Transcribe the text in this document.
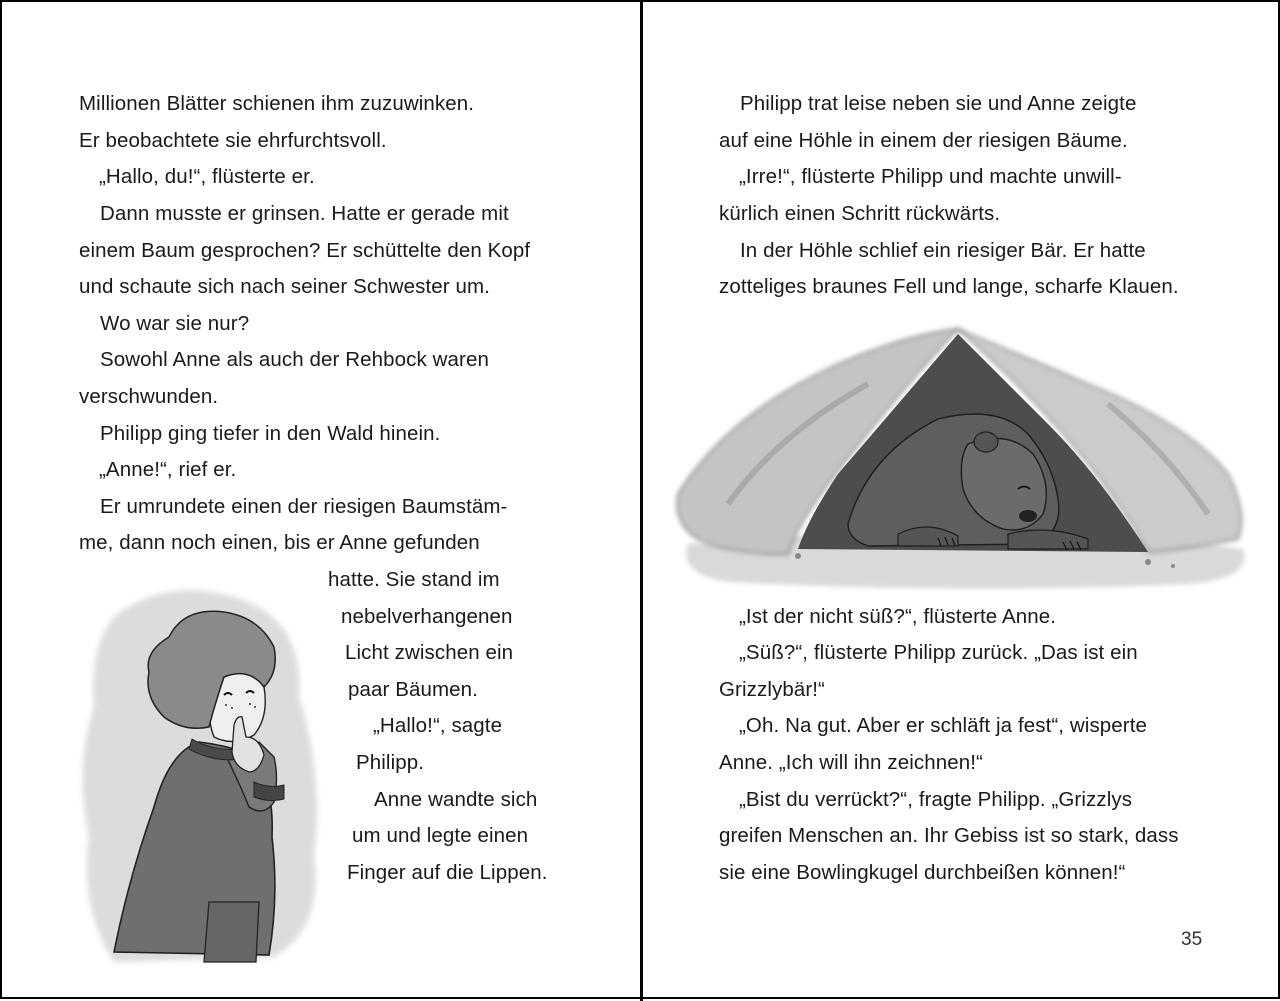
Millionen Blätter schienen ihm zuzuwinken.
Er beobachtete sie ehrfurchtsvoll.
„Hallo, du!“, flüsterte er.
Dann musste er grinsen. Hatte er gerade mit
einem Baum gesprochen? Er schüttelte den Kopf
und schaute sich nach seiner Schwester um.
Wo war sie nur?
Sowohl Anne als auch der Rehbock waren
verschwunden.
Philipp ging tiefer in den Wald hinein.
„Anne!“, rief er.
Er umrundete einen der riesigen Baumstäm-
me, dann noch einen, bis er Anne gefunden
hatte. Sie stand im
nebelverhangenen
Licht zwischen ein
paar Bäumen.
„Hallo!“, sagte
Philipp.
Anne wandte sich
um und legte einen
Finger auf die Lippen.
Philipp trat leise neben sie und Anne zeigte
auf eine Höhle in einem der riesigen Bäume.
„Irre!“, flüsterte Philipp und machte unwill-
kürlich einen Schritt rückwärts.
In der Höhle schlief ein riesiger Bär. Er hatte
zotteliges braunes Fell und lange, scharfe Klauen.
„Ist der nicht süß?“, flüsterte Anne.
„Süß?“, flüsterte Philipp zurück. „Das ist ein
Grizzlybär!“
„Oh. Na gut. Aber er schläft ja fest“, wisperte
Anne. „Ich will ihn zeichnen!“
„Bist du verrückt?“, fragte Philipp. „Grizzlys
greifen Menschen an. Ihr Gebiss ist so stark, dass
sie eine Bowlingkugel durchbeißen können!“
35
